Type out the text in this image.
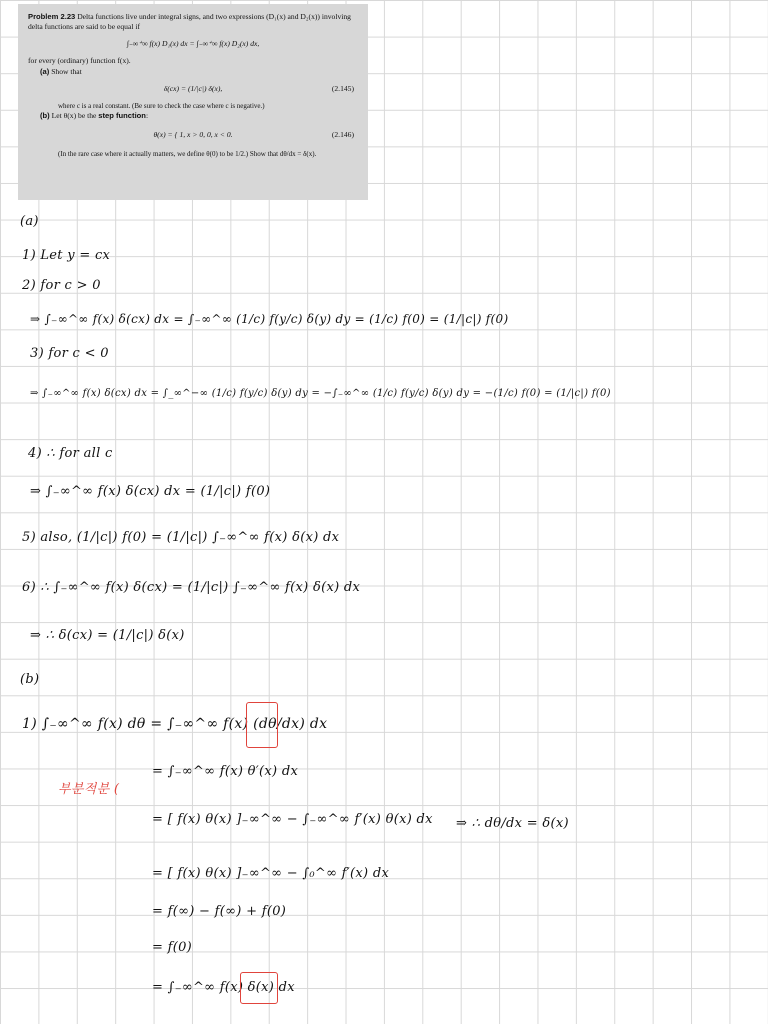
Problem 2.23 Delta functions live under integral signs, and two expressions (D₁(x) and D₂(x)) involving delta functions are said to be equal if
∫₋∞⁺∞ f(x) D₁(x) dx = ∫₋∞⁺∞ f(x) D₂(x) dx,
for every (ordinary) function f(x).
(a) Show that
δ(cx) = (1/|c|) δ(x),	(2.145)
where c is a real constant. (Be sure to check the case where c is negative.)
(b) Let θ(x) be the step function:
θ(x) = { 1, x > 0, 0, x < 0.	(2.146)
(In the rare case where it actually matters, we define θ(0) to be 1/2.) Show that dθ/dx = δ(x).
(a)
1) Let y = cx
2) for c > 0
⇒ ∫₋∞^∞ f(x) δ(cx) dx = ∫₋∞^∞ (1/c) f(y/c) δ(y) dy = (1/c) f(0) = (1/|c|) f(0)
3) for c < 0
⇒ ∫₋∞^∞ f(x) δ(cx) dx = ∫_∞^−∞ (1/c) f(y/c) δ(y) dy = −∫₋∞^∞ (1/c) f(y/c) δ(y) dy = −(1/c) f(0) = (1/|c|) f(0)
4) ∴ for all c
⇒ ∫₋∞^∞ f(x) δ(cx) dx = (1/|c|) f(0)
5) also, (1/|c|) f(0) = (1/|c|) ∫₋∞^∞ f(x) δ(x) dx
6) ∴ ∫₋∞^∞ f(x) δ(cx) = (1/|c|) ∫₋∞^∞ f(x) δ(x) dx
⇒ ∴ δ(cx) = (1/|c|) δ(x)
(b)
1) ∫₋∞^∞ f(x) dθ = ∫₋∞^∞ f(x) (dθ/dx) dx
부분적분 (
= ∫₋∞^∞ f(x) θ′(x) dx
= [ f(x) θ(x) ]₋∞^∞ − ∫₋∞^∞ f′(x) θ(x) dx ⇒ ∴ dθ/dx = δ(x)
= [ f(x) θ(x) ]₋∞^∞ − ∫₀^∞ f′(x) dx
= f(∞) − f(∞) + f(0)
= f(0)
= ∫₋∞^∞ f(x) δ(x) dx
